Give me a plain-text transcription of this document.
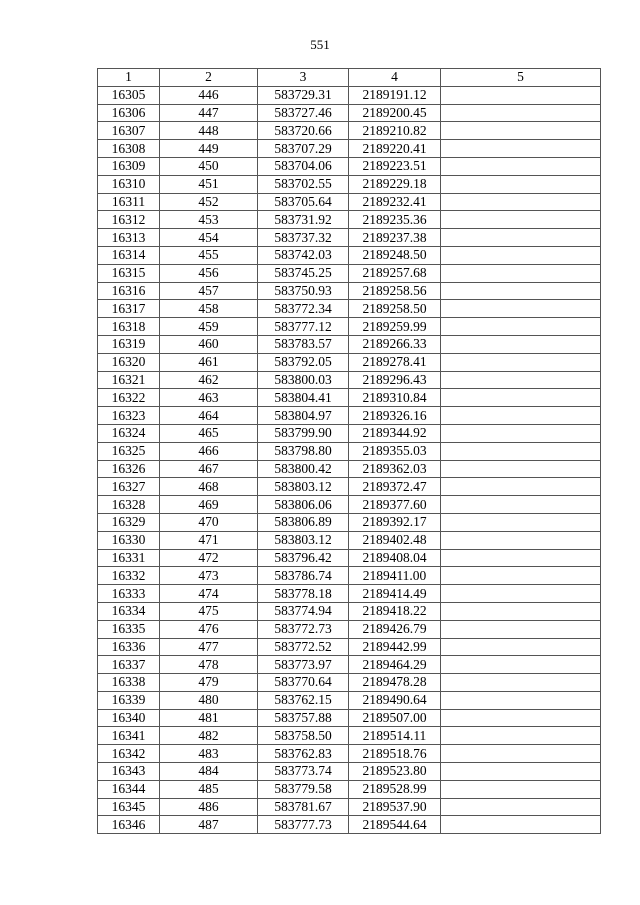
551
1	2	3	4	5
16305	446	583729.31	2189191.12	
16306	447	583727.46	2189200.45	
16307	448	583720.66	2189210.82	
16308	449	583707.29	2189220.41	
16309	450	583704.06	2189223.51	
16310	451	583702.55	2189229.18	
16311	452	583705.64	2189232.41	
16312	453	583731.92	2189235.36	
16313	454	583737.32	2189237.38	
16314	455	583742.03	2189248.50	
16315	456	583745.25	2189257.68	
16316	457	583750.93	2189258.56	
16317	458	583772.34	2189258.50	
16318	459	583777.12	2189259.99	
16319	460	583783.57	2189266.33	
16320	461	583792.05	2189278.41	
16321	462	583800.03	2189296.43	
16322	463	583804.41	2189310.84	
16323	464	583804.97	2189326.16	
16324	465	583799.90	2189344.92	
16325	466	583798.80	2189355.03	
16326	467	583800.42	2189362.03	
16327	468	583803.12	2189372.47	
16328	469	583806.06	2189377.60	
16329	470	583806.89	2189392.17	
16330	471	583803.12	2189402.48	
16331	472	583796.42	2189408.04	
16332	473	583786.74	2189411.00	
16333	474	583778.18	2189414.49	
16334	475	583774.94	2189418.22	
16335	476	583772.73	2189426.79	
16336	477	583772.52	2189442.99	
16337	478	583773.97	2189464.29	
16338	479	583770.64	2189478.28	
16339	480	583762.15	2189490.64	
16340	481	583757.88	2189507.00	
16341	482	583758.50	2189514.11	
16342	483	583762.83	2189518.76	
16343	484	583773.74	2189523.80	
16344	485	583779.58	2189528.99	
16345	486	583781.67	2189537.90	
16346	487	583777.73	2189544.64	
